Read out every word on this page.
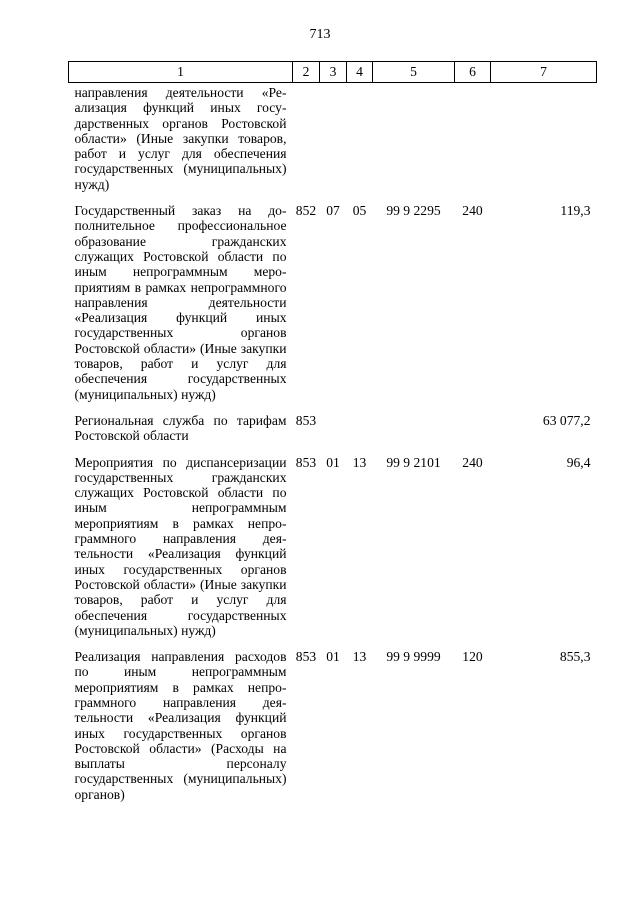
713
1	2	3	4	5	6	7
направления деятельности «Реализация функций иных государственных органов Ростовской области» (Иные закупки товаров, работ и услуг для обеспечения государственных (муниципальных) нужд)						
Государственный заказ на дополнительное профессиональное образование гражданских служащих Ростовской области по иным непрограммным мероприятиям в рамках непрограммного направления деятельности «Реализация функций иных государственных органов Ростовской области» (Иные закупки товаров, работ и услуг для обеспечения государственных (муниципальных) нужд)	852	07	05	99 9 2295	240	119,3
Региональная служба по тарифам Ростовской области	853					63 077,2
Мероприятия по диспансеризации государственных гражданских служащих Ростовской области по иным непрограммным мероприятиям в рамках непрограммного направления деятельности «Реализация функций иных государственных органов Ростовской области» (Иные закупки товаров, работ и услуг для обеспечения государственных (муниципальных) нужд)	853	01	13	99 9 2101	240	96,4
Реализация направления расходов по иным непрограммным мероприятиям в рамках непрограммного направления деятельности «Реализация функций иных государственных органов Ростовской области» (Расходы на выплаты персоналу государственных (муниципальных) органов)	853	01	13	99 9 9999	120	855,3
